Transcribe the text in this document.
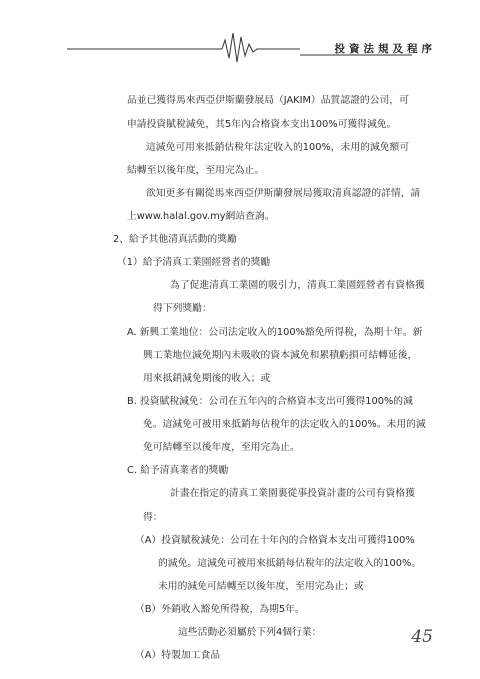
投資法規及程序
品並已獲得馬來西亞伊斯蘭發展局（JAKIM）品質認證的公司，可
申請投資賦稅減免，其5年內合格資本支出100%可獲得減免。
這減免可用來抵銷估稅年法定收入的100%，未用的減免額可
結轉至以後年度，至用完為止。
欲知更多有關從馬來西亞伊斯蘭發展局獲取清真認證的詳情，請
上www.halal.gov.my網站查詢。
2、給予其他清真活動的獎勵
（1）給予清真工業園經營者的獎勵
為了促進清真工業園的吸引力，清真工業園經營者有資格獲
得下列獎勵：
A. 新興工業地位：公司法定收入的100%豁免所得稅，為期十年。新
興工業地位減免期內未吸收的資本減免和累積虧損可結轉延後，
用來抵銷減免期後的收入；或
B. 投資賦稅減免：公司在五年內的合格資本支出可獲得100%的減
免。這減免可被用來抵銷每估稅年的法定收入的100%。未用的減
免可結轉至以後年度，至用完為止。
C. 給予清真業者的獎勵
計畫在指定的清真工業園裏從事投資計畫的公司有資格獲
得：
（A）投資賦稅減免：公司在十年內的合格資本支出可獲得100%
的減免。這減免可被用來抵銷每估稅年的法定收入的100%。
未用的減免可結轉至以後年度，至用完為止；或
（B）外銷收入豁免所得稅，為期5年。
這些活動必須屬於下列4個行業：
（A）特製加工食品
45
